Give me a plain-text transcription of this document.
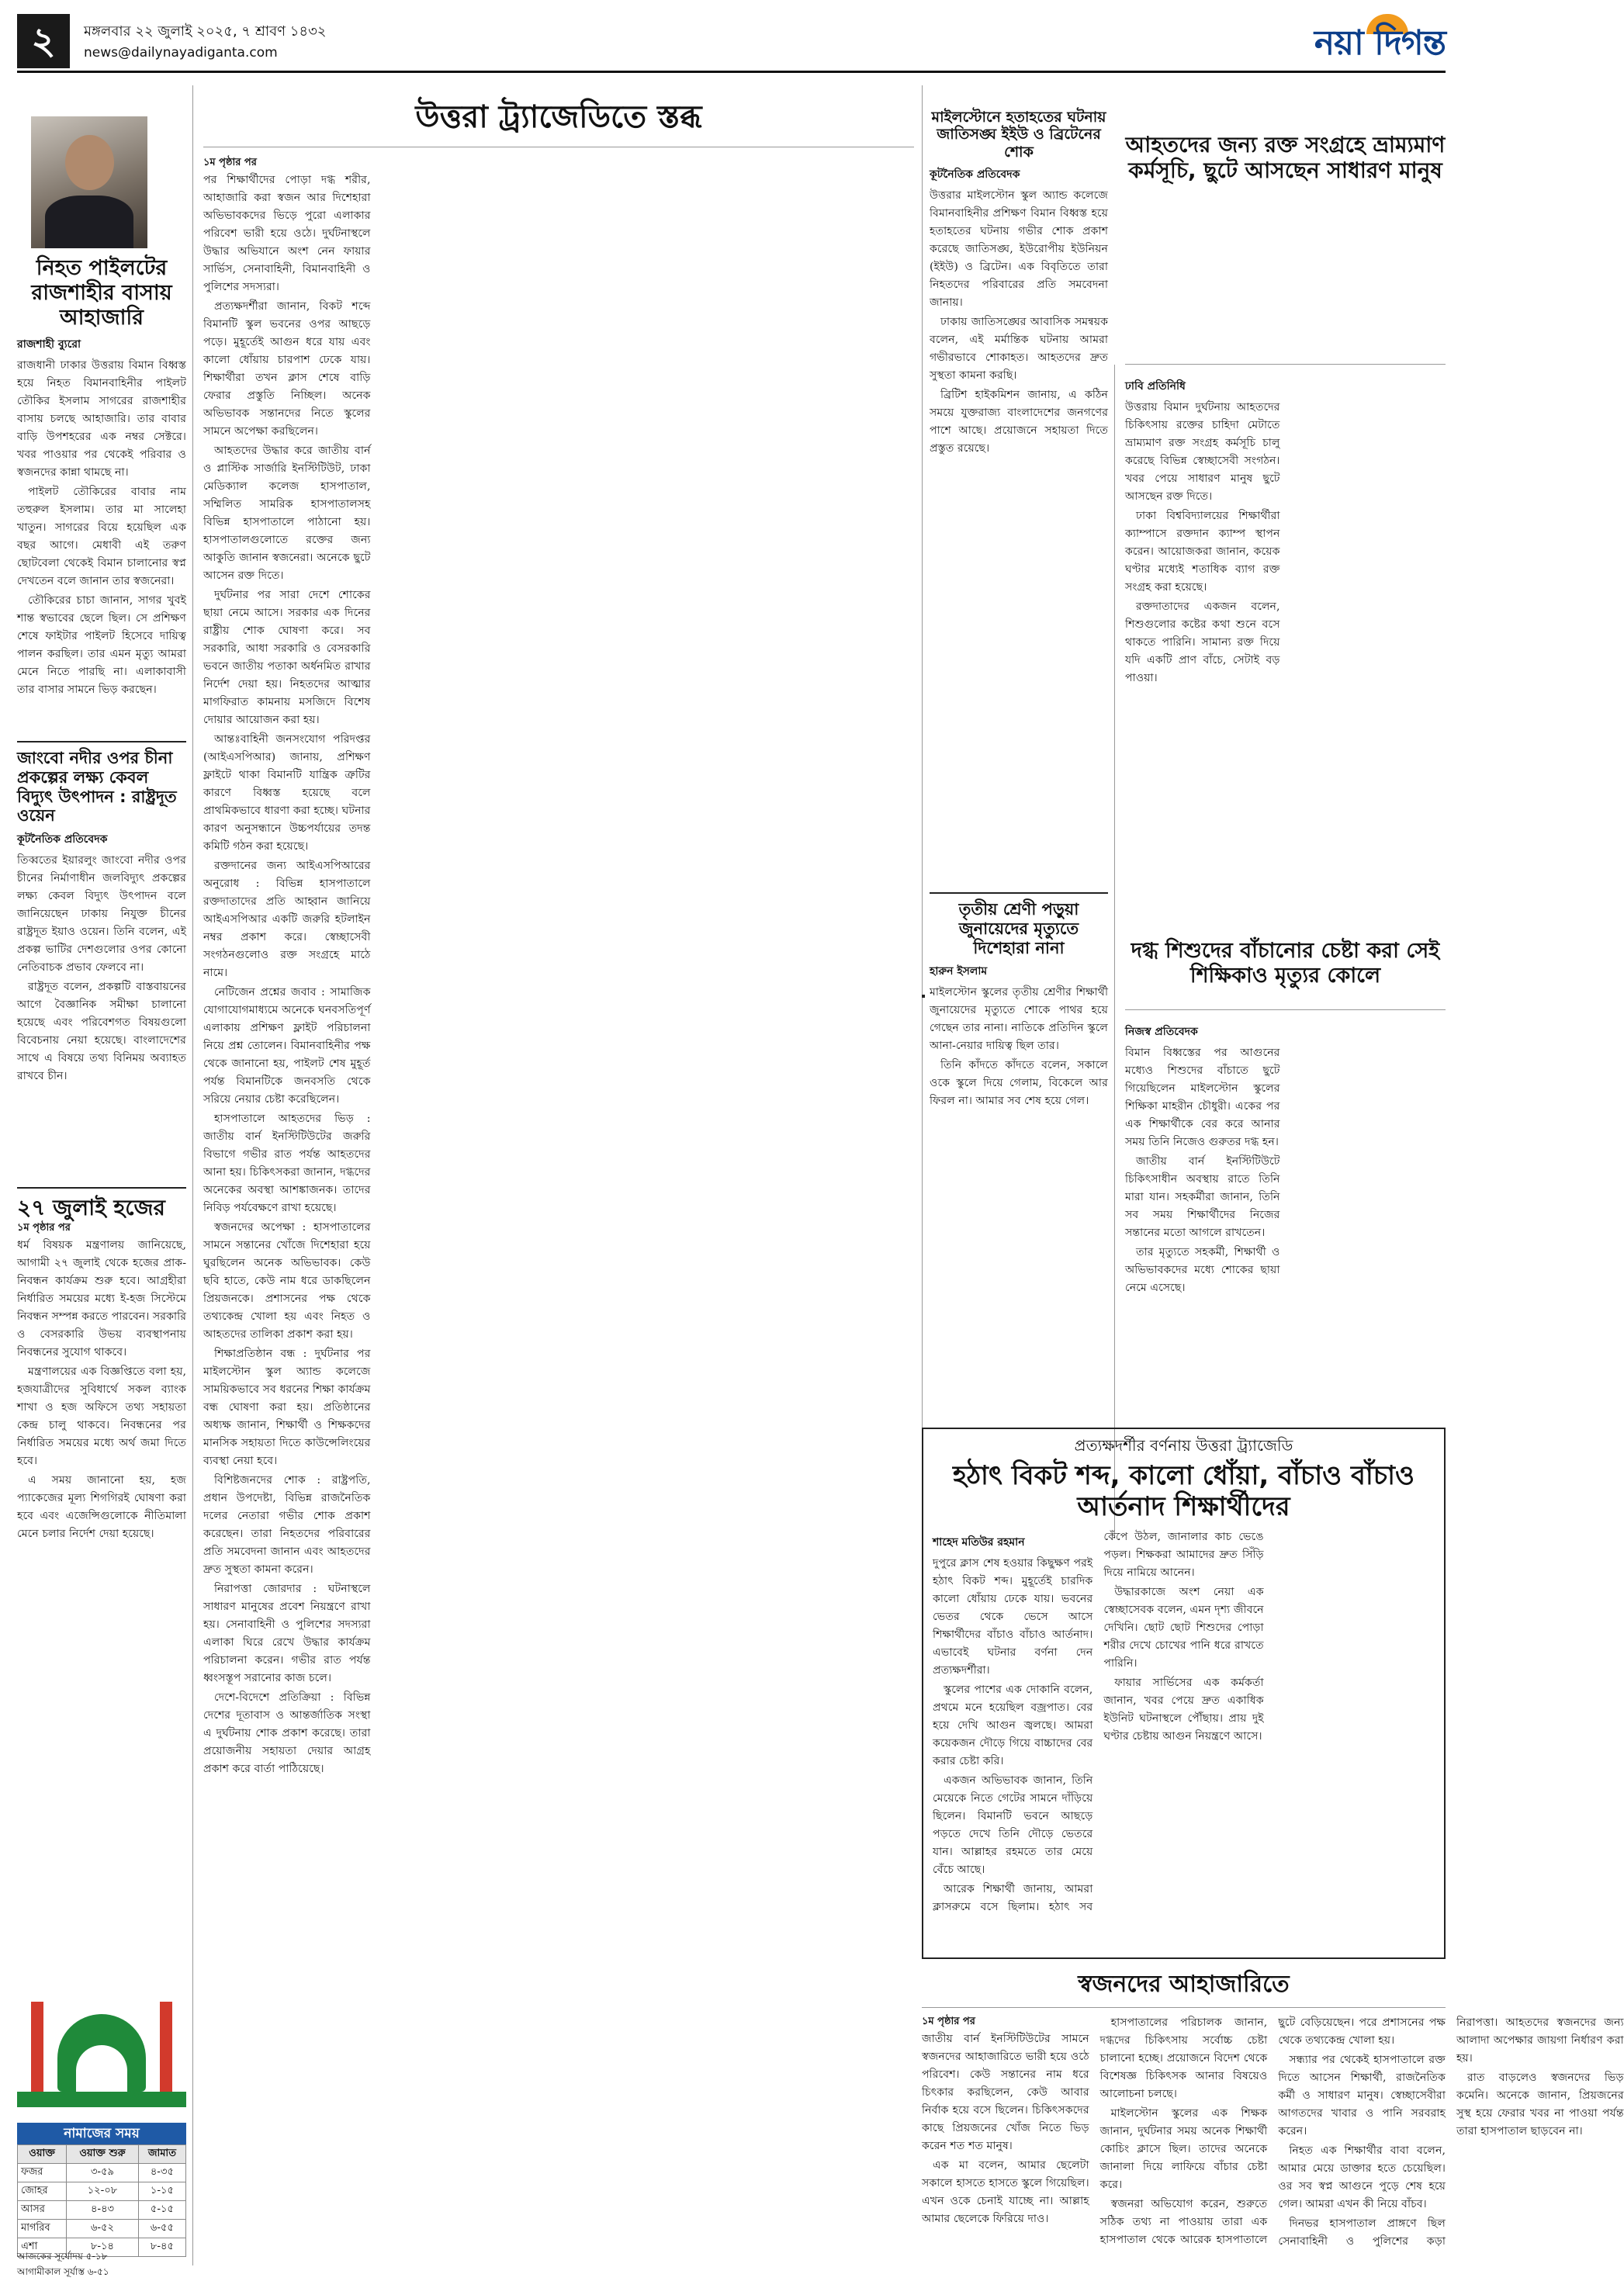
২	মঙ্গলবার ২২ জুলাই ২০২৫, ৭ শ্রাবণ ১৪৩২
news@dailynayadiganta.com	নয়া দিগন্ত
নিহত পাইলটের রাজশাহীর বাসায় আহাজারি
রাজশাহী ব্যুরো

রাজধানী ঢাকার উত্তরায় বিমান বিধ্বস্ত হয়ে নিহত বিমানবাহিনীর পাইলট তৌকির ইসলাম সাগরের রাজশাহীর বাসায় চলছে আহাজারি। তার বাবার বাড়ি উপশহরের এক নম্বর সেক্টরে। খবর পাওয়ার পর থেকেই পরিবার ও স্বজনদের কান্না থামছে না।

পাইলট তৌকিরের বাবার নাম তহুরুল ইসলাম। তার মা সালেহা খাতুন। সাগরের বিয়ে হয়েছিল এক বছর আগে। মেধাবী এই তরুণ ছোটবেলা থেকেই বিমান চালানোর স্বপ্ন দেখতেন বলে জানান তার স্বজনেরা।

তৌকিরের চাচা জানান, সাগর খুবই শান্ত স্বভাবের ছেলে ছিল। সে প্রশিক্ষণ শেষে ফাইটার পাইলট হিসেবে দায়িত্ব পালন করছিল। তার এমন মৃত্যু আমরা মেনে নিতে পারছি না। এলাকাবাসী তার বাসার সামনে ভিড় করছেন।

জাংবো নদীর ওপর চীনা প্রকল্পের লক্ষ্য কেবল বিদ্যুৎ উৎপাদন : রাষ্ট্রদূত ওয়েন
কূটনৈতিক প্রতিবেদক

তিব্বতের ইয়ারলুং জাংবো নদীর ওপর চীনের নির্মাণাধীন জলবিদ্যুৎ প্রকল্পের লক্ষ্য কেবল বিদ্যুৎ উৎপাদন বলে জানিয়েছেন ঢাকায় নিযুক্ত চীনের রাষ্ট্রদূত ইয়াও ওয়েন। তিনি বলেন, এই প্রকল্প ভাটির দেশগুলোর ওপর কোনো নেতিবাচক প্রভাব ফেলবে না।

রাষ্ট্রদূত বলেন, প্রকল্পটি বাস্তবায়নের আগে বৈজ্ঞানিক সমীক্ষা চালানো হয়েছে এবং পরিবেশগত বিষয়গুলো বিবেচনায় নেয়া হয়েছে। বাংলাদেশের সাথে এ বিষয়ে তথ্য বিনিময় অব্যাহত রাখবে চীন।

২৭ জুলাই হজের
১ম পৃষ্ঠার পর

ধর্ম বিষয়ক মন্ত্রণালয় জানিয়েছে, আগামী ২৭ জুলাই থেকে হজের প্রাক-নিবন্ধন কার্যক্রম শুরু হবে। আগ্রহীরা নির্ধারিত সময়ের মধ্যে ই-হজ সিস্টেমে নিবন্ধন সম্পন্ন করতে পারবেন। সরকারি ও বেসরকারি উভয় ব্যবস্থাপনায় নিবন্ধনের সুযোগ থাকবে।

মন্ত্রণালয়ের এক বিজ্ঞপ্তিতে বলা হয়, হজযাত্রীদের সুবিধার্থে সকল ব্যাংক শাখা ও হজ অফিসে তথ্য সহায়তা কেন্দ্র চালু থাকবে। নিবন্ধনের পর নির্ধারিত সময়ের মধ্যে অর্থ জমা দিতে হবে।

এ সময় জানানো হয়, হজ প্যাকেজের মূল্য শিগগিরই ঘোষণা করা হবে এবং এজেন্সিগুলোকে নীতিমালা মেনে চলার নির্দেশ দেয়া হয়েছে।

নামাজের সময়
ওয়াক্ত	ওয়াক্ত শুরু	জামাত
ফজর	৩-৫৯	৪-৩৫
জোহর	১২-০৮	১-১৫
আসর	৪-৪৩	৫-১৫
মাগরিব	৬-৫২	৬-৫৫
এশা	৮-১৪	৮-৪৫
আজকের সূর্যোদয় ৫-১৮
আগামীকাল সূর্যাস্ত ৬-৫১
উত্তরা ট্র্যাজেডিতে স্তব্ধ
১ম পৃষ্ঠার পর

পর শিক্ষার্থীদের পোড়া দগ্ধ শরীর, আহাজারি করা স্বজন আর দিশেহারা অভিভাবকদের ভিড়ে পুরো এলাকার পরিবেশ ভারী হয়ে ওঠে। দুর্ঘটনাস্থলে উদ্ধার অভিযানে অংশ নেন ফায়ার সার্ভিস, সেনাবাহিনী, বিমানবাহিনী ও পুলিশের সদস্যরা।

প্রত্যক্ষদর্শীরা জানান, বিকট শব্দে বিমানটি স্কুল ভবনের ওপর আছড়ে পড়ে। মুহূর্তেই আগুন ধরে যায় এবং কালো ধোঁয়ায় চারপাশ ঢেকে যায়। শিক্ষার্থীরা তখন ক্লাস শেষে বাড়ি ফেরার প্রস্তুতি নিচ্ছিল। অনেক অভিভাবক সন্তানদের নিতে স্কুলের সামনে অপেক্ষা করছিলেন।

আহতদের উদ্ধার করে জাতীয় বার্ন ও প্লাস্টিক সার্জারি ইনস্টিটিউট, ঢাকা মেডিক্যাল কলেজ হাসপাতাল, সম্মিলিত সামরিক হাসপাতালসহ বিভিন্ন হাসপাতালে পাঠানো হয়। হাসপাতালগুলোতে রক্তের জন্য আকুতি জানান স্বজনেরা। অনেকে ছুটে আসেন রক্ত দিতে।

দুর্ঘটনার পর সারা দেশে শোকের ছায়া নেমে আসে। সরকার এক দিনের রাষ্ট্রীয় শোক ঘোষণা করে। সব সরকারি, আধা সরকারি ও বেসরকারি ভবনে জাতীয় পতাকা অর্ধনমিত রাখার নির্দেশ দেয়া হয়। নিহতদের আত্মার মাগফিরাত কামনায় মসজিদে বিশেষ দোয়ার আয়োজন করা হয়।

আন্তঃবাহিনী জনসংযোগ পরিদপ্তর (আইএসপিআর) জানায়, প্রশিক্ষণ ফ্লাইটে থাকা বিমানটি যান্ত্রিক ত্রুটির কারণে বিধ্বস্ত হয়েছে বলে প্রাথমিকভাবে ধারণা করা হচ্ছে। ঘটনার কারণ অনুসন্ধানে উচ্চপর্যায়ের তদন্ত কমিটি গঠন করা হয়েছে।

রক্তদানের জন্য আইএসপিআরের অনুরোধ : বিভিন্ন হাসপাতালে রক্তদাতাদের প্রতি আহ্বান জানিয়ে আইএসপিআর একটি জরুরি হটলাইন নম্বর প্রকাশ করে। স্বেচ্ছাসেবী সংগঠনগুলোও রক্ত সংগ্রহে মাঠে নামে।

নেটিজেন প্রশ্নের জবাব : সামাজিক যোগাযোগমাধ্যমে অনেকে ঘনবসতিপূর্ণ এলাকায় প্রশিক্ষণ ফ্লাইট পরিচালনা নিয়ে প্রশ্ন তোলেন। বিমানবাহিনীর পক্ষ থেকে জানানো হয়, পাইলট শেষ মুহূর্ত পর্যন্ত বিমানটিকে জনবসতি থেকে সরিয়ে নেয়ার চেষ্টা করেছিলেন।

হাসপাতালে আহতদের ভিড় : জাতীয় বার্ন ইনস্টিটিউটের জরুরি বিভাগে গভীর রাত পর্যন্ত আহতদের আনা হয়। চিকিৎসকরা জানান, দগ্ধদের অনেকের অবস্থা আশঙ্কাজনক। তাদের নিবিড় পর্যবেক্ষণে রাখা হয়েছে।

স্বজনদের অপেক্ষা : হাসপাতালের সামনে সন্তানের খোঁজে দিশেহারা হয়ে ঘুরছিলেন অনেক অভিভাবক। কেউ ছবি হাতে, কেউ নাম ধরে ডাকছিলেন প্রিয়জনকে। প্রশাসনের পক্ষ থেকে তথ্যকেন্দ্র খোলা হয় এবং নিহত ও আহতদের তালিকা প্রকাশ করা হয়।

শিক্ষাপ্রতিষ্ঠান বন্ধ : দুর্ঘটনার পর মাইলস্টোন স্কুল অ্যান্ড কলেজে সাময়িকভাবে সব ধরনের শিক্ষা কার্যক্রম বন্ধ ঘোষণা করা হয়। প্রতিষ্ঠানের অধ্যক্ষ জানান, শিক্ষার্থী ও শিক্ষকদের মানসিক সহায়তা দিতে কাউন্সেলিংয়ের ব্যবস্থা নেয়া হবে।

বিশিষ্টজনদের শোক : রাষ্ট্রপতি, প্রধান উপদেষ্টা, বিভিন্ন রাজনৈতিক দলের নেতারা গভীর শোক প্রকাশ করেছেন। তারা নিহতদের পরিবারের প্রতি সমবেদনা জানান এবং আহতদের দ্রুত সুস্থতা কামনা করেন।

নিরাপত্তা জোরদার : ঘটনাস্থলে সাধারণ মানুষের প্রবেশ নিয়ন্ত্রণে রাখা হয়। সেনাবাহিনী ও পুলিশের সদস্যরা এলাকা ঘিরে রেখে উদ্ধার কার্যক্রম পরিচালনা করেন। গভীর রাত পর্যন্ত ধ্বংসস্তূপ সরানোর কাজ চলে।

দেশে-বিদেশে প্রতিক্রিয়া : বিভিন্ন দেশের দূতাবাস ও আন্তর্জাতিক সংস্থা এ দুর্ঘটনায় শোক প্রকাশ করেছে। তারা প্রয়োজনীয় সহায়তা দেয়ার আগ্রহ প্রকাশ করে বার্তা পাঠিয়েছে।

মাইলস্টোনে হতাহতের ঘটনায় জাতিসঙ্ঘ ইইউ ও ব্রিটেনের শোক
কূটনৈতিক প্রতিবেদক

উত্তরার মাইলস্টোন স্কুল অ্যান্ড কলেজে বিমানবাহিনীর প্রশিক্ষণ বিমান বিধ্বস্ত হয়ে হতাহতের ঘটনায় গভীর শোক প্রকাশ করেছে জাতিসঙ্ঘ, ইউরোপীয় ইউনিয়ন (ইইউ) ও ব্রিটেন। এক বিবৃতিতে তারা নিহতদের পরিবারের প্রতি সমবেদনা জানায়।

ঢাকায় জাতিসঙ্ঘের আবাসিক সমন্বয়ক বলেন, এই মর্মান্তিক ঘটনায় আমরা গভীরভাবে শোকাহত। আহতদের দ্রুত সুস্থতা কামনা করছি।

ব্রিটিশ হাইকমিশন জানায়, এ কঠিন সময়ে যুক্তরাজ্য বাংলাদেশের জনগণের পাশে আছে। প্রয়োজনে সহায়তা দিতে প্রস্তুত রয়েছে।

তৃতীয় শ্রেণী পড়ুয়া জুনায়েদের মৃত্যুতে দিশেহারা নানা
হারুন ইসলাম

মাইলস্টোন স্কুলের তৃতীয় শ্রেণীর শিক্ষার্থী জুনায়েদের মৃত্যুতে শোকে পাথর হয়ে গেছেন তার নানা। নাতিকে প্রতিদিন স্কুলে আনা-নেয়ার দায়িত্ব ছিল তার।

তিনি কাঁদতে কাঁদতে বলেন, সকালে ওকে স্কুলে দিয়ে গেলাম, বিকেলে আর ফিরল না। আমার সব শেষ হয়ে গেল।

আহতদের জন্য রক্ত সংগ্রহে ভ্রাম্যমাণ কর্মসূচি, ছুটে আসছেন সাধারণ মানুষ
ঢাবি প্রতিনিধি

উত্তরায় বিমান দুর্ঘটনায় আহতদের চিকিৎসায় রক্তের চাহিদা মেটাতে ভ্রাম্যমাণ রক্ত সংগ্রহ কর্মসূচি চালু করেছে বিভিন্ন স্বেচ্ছাসেবী সংগঠন। খবর পেয়ে সাধারণ মানুষ ছুটে আসছেন রক্ত দিতে।

ঢাকা বিশ্ববিদ্যালয়ের শিক্ষার্থীরা ক্যাম্পাসে রক্তদান ক্যাম্প স্থাপন করেন। আয়োজকরা জানান, কয়েক ঘণ্টার মধ্যেই শতাধিক ব্যাগ রক্ত সংগ্রহ করা হয়েছে।

রক্তদাতাদের একজন বলেন, শিশুগুলোর কষ্টের কথা শুনে বসে থাকতে পারিনি। সামান্য রক্ত দিয়ে যদি একটি প্রাণ বাঁচে, সেটাই বড় পাওয়া।

দগ্ধ শিশুদের বাঁচানোর চেষ্টা করা সেই শিক্ষিকাও মৃত্যুর কোলে
নিজস্ব প্রতিবেদক

বিমান বিধ্বস্তের পর আগুনের মধ্যেও শিশুদের বাঁচাতে ছুটে গিয়েছিলেন মাইলস্টোন স্কুলের শিক্ষিকা মাহরীন চৌধুরী। একের পর এক শিক্ষার্থীকে বের করে আনার সময় তিনি নিজেও গুরুতর দগ্ধ হন।

জাতীয় বার্ন ইনস্টিটিউটে চিকিৎসাধীন অবস্থায় রাতে তিনি মারা যান। সহকর্মীরা জানান, তিনি সব সময় শিক্ষার্থীদের নিজের সন্তানের মতো আগলে রাখতেন।

তার মৃত্যুতে সহকর্মী, শিক্ষার্থী ও অভিভাবকদের মধ্যে শোকের ছায়া নেমে এসেছে।

প্রত্যক্ষদর্শীর বর্ণনায় উত্তরা ট্র্যাজেডি
হঠাৎ বিকট শব্দ, কালো ধোঁয়া, বাঁচাও বাঁচাও আর্তনাদ শিক্ষার্থীদের
শাহেদ মতিউর রহমান

দুপুরে ক্লাস শেষ হওয়ার কিছুক্ষণ পরই হঠাৎ বিকট শব্দ। মুহূর্তেই চারদিক কালো ধোঁয়ায় ঢেকে যায়। ভবনের ভেতর থেকে ভেসে আসে শিক্ষার্থীদের বাঁচাও বাঁচাও আর্তনাদ। এভাবেই ঘটনার বর্ণনা দেন প্রত্যক্ষদর্শীরা।

স্কুলের পাশের এক দোকানি বলেন, প্রথমে মনে হয়েছিল বজ্রপাত। বের হয়ে দেখি আগুন জ্বলছে। আমরা কয়েকজন দৌড়ে গিয়ে বাচ্চাদের বের করার চেষ্টা করি।

একজন অভিভাবক জানান, তিনি মেয়েকে নিতে গেটের সামনে দাঁড়িয়ে ছিলেন। বিমানটি ভবনে আছড়ে পড়তে দেখে তিনি দৌড়ে ভেতরে যান। আল্লাহর রহমতে তার মেয়ে বেঁচে আছে।

আরেক শিক্ষার্থী জানায়, আমরা ক্লাসরুমে বসে ছিলাম। হঠাৎ সব কেঁপে উঠল, জানালার কাচ ভেঙে পড়ল। শিক্ষকরা আমাদের দ্রুত সিঁড়ি দিয়ে নামিয়ে আনেন।

উদ্ধারকাজে অংশ নেয়া এক স্বেচ্ছাসেবক বলেন, এমন দৃশ্য জীবনে দেখিনি। ছোট ছোট শিশুদের পোড়া শরীর দেখে চোখের পানি ধরে রাখতে পারিনি।

ফায়ার সার্ভিসের এক কর্মকর্তা জানান, খবর পেয়ে দ্রুত একাধিক ইউনিট ঘটনাস্থলে পৌঁছায়। প্রায় দুই ঘণ্টার চেষ্টায় আগুন নিয়ন্ত্রণে আসে।

স্বজনদের আহাজারিতে
১ম পৃষ্ঠার পর

জাতীয় বার্ন ইনস্টিটিউটের সামনে স্বজনদের আহাজারিতে ভারী হয়ে ওঠে পরিবেশ। কেউ সন্তানের নাম ধরে চিৎকার করছিলেন, কেউ আবার নির্বাক হয়ে বসে ছিলেন। চিকিৎসকদের কাছে প্রিয়জনের খোঁজ নিতে ভিড় করেন শত শত মানুষ।

এক মা বলেন, আমার ছেলেটা সকালে হাসতে হাসতে স্কুলে গিয়েছিল। এখন ওকে চেনাই যাচ্ছে না। আল্লাহ আমার ছেলেকে ফিরিয়ে দাও।

হাসপাতালের পরিচালক জানান, দগ্ধদের চিকিৎসায় সর্বোচ্চ চেষ্টা চালানো হচ্ছে। প্রয়োজনে বিদেশ থেকে বিশেষজ্ঞ চিকিৎসক আনার বিষয়েও আলোচনা চলছে।

মাইলস্টোন স্কুলের এক শিক্ষক জানান, দুর্ঘটনার সময় অনেক শিক্ষার্থী কোচিং ক্লাসে ছিল। তাদের অনেকে জানালা দিয়ে লাফিয়ে বাঁচার চেষ্টা করে।

স্বজনরা অভিযোগ করেন, শুরুতে সঠিক তথ্য না পাওয়ায় তারা এক হাসপাতাল থেকে আরেক হাসপাতালে ছুটে বেড়িয়েছেন। পরে প্রশাসনের পক্ষ থেকে তথ্যকেন্দ্র খোলা হয়।

সন্ধ্যার পর থেকেই হাসপাতালে রক্ত দিতে আসেন শিক্ষার্থী, রাজনৈতিক কর্মী ও সাধারণ মানুষ। স্বেচ্ছাসেবীরা আগতদের খাবার ও পানি সরবরাহ করেন।

নিহত এক শিক্ষার্থীর বাবা বলেন, আমার মেয়ে ডাক্তার হতে চেয়েছিল। ওর সব স্বপ্ন আগুনে পুড়ে শেষ হয়ে গেল। আমরা এখন কী নিয়ে বাঁচব।

দিনভর হাসপাতাল প্রাঙ্গণে ছিল সেনাবাহিনী ও পুলিশের কড়া নিরাপত্তা। আহতদের স্বজনদের জন্য আলাদা অপেক্ষার জায়গা নির্ধারণ করা হয়।

রাত বাড়লেও স্বজনদের ভিড় কমেনি। অনেকে জানান, প্রিয়জনের সুস্থ হয়ে ফেরার খবর না পাওয়া পর্যন্ত তারা হাসপাতাল ছাড়বেন না।
